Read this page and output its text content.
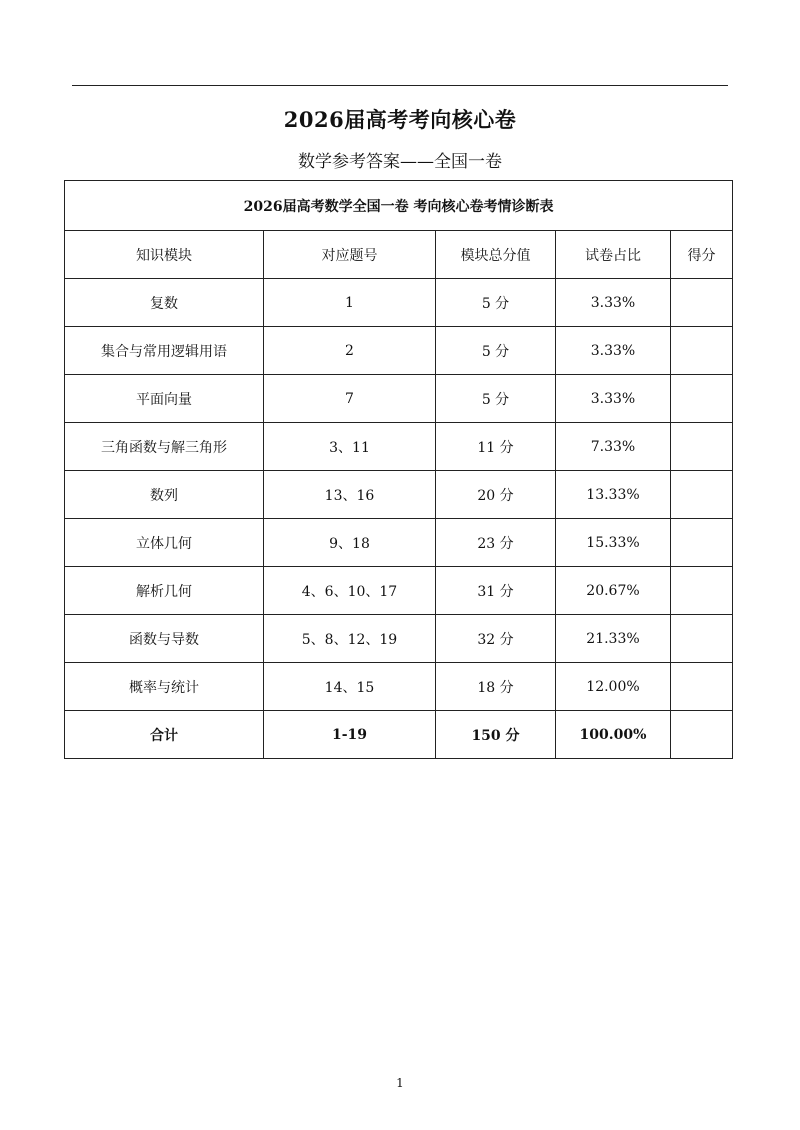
2026届高考考向核心卷
数学参考答案——全国一卷
2026届高考数学全国一卷 考向核心卷考情诊断表				
知识模块	对应题号	模块总分值	试卷占比	得分
复数	1	5 分	3.33%	
集合与常用逻辑用语	2	5 分	3.33%	
平面向量	7	5 分	3.33%	
三角函数与解三角形	3、11	11 分	7.33%	
数列	13、16	20 分	13.33%	
立体几何	9、18	23 分	15.33%	
解析几何	4、6、10、17	31 分	20.67%	
函数与导数	5、8、12、19	32 分	21.33%	
概率与统计	14、15	18 分	12.00%	
合计	1-19	150 分	100.00%	
1
